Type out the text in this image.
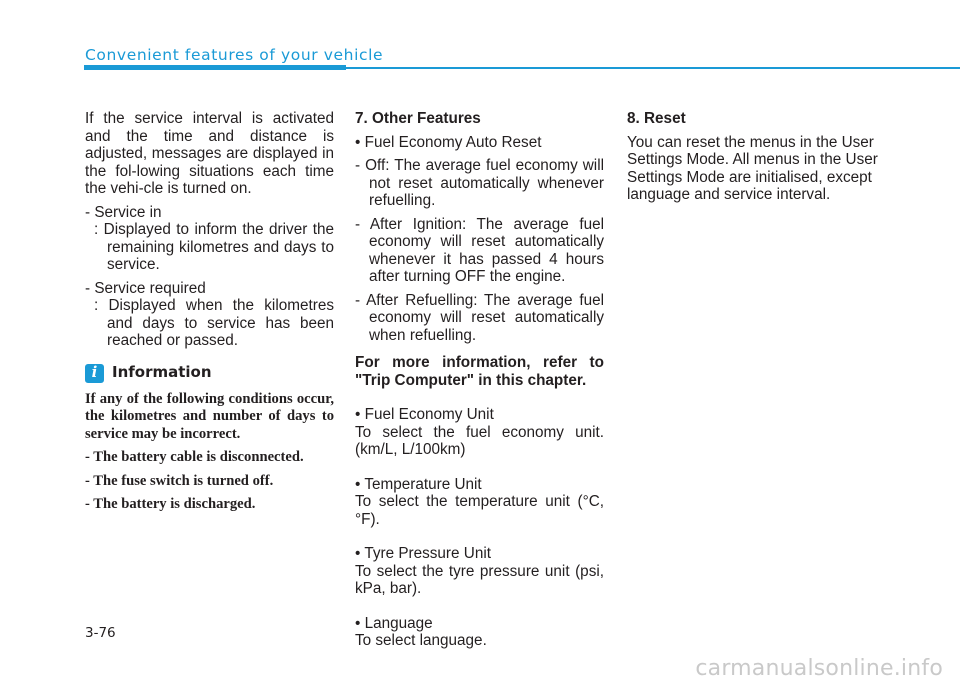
Convenient features of your vehicle

If the service interval is activated and the time and distance is adjusted, messages are displayed in the fol-lowing situations each time the vehi-cle is turned on.

- Service in

: Displayed to inform the driver the remaining kilometres and days to service.

- Service required

: Displayed when the kilometres and days to service has been reached or passed.

i Information

If any of the following conditions occur, the kilometres and number of days to service may be incorrect.

- The battery cable is disconnected.

- The fuse switch is turned off.

- The battery is discharged.

7. Other Features

• Fuel Economy Auto Reset

- Off: The average fuel economy will not reset automatically whenever refuelling.

- After Ignition: The average fuel economy will reset automatically whenever it has passed 4 hours after turning OFF the engine.

- After Refuelling: The average fuel economy will reset automatically when refuelling.

For more information, refer to "Trip Computer" in this chapter.

• Fuel Economy Unit

To select the fuel economy unit. (km/L, L/100km)

• Temperature Unit

To select the temperature unit (°C,°F).

• Tyre Pressure Unit

To select the tyre pressure unit (psi, kPa, bar).

• Language

To select language.

8. Reset

You can reset the menus in the User Settings Mode. All menus in the User Settings Mode are initialised, except language and service interval.

3-76
carmanualsonline.info
